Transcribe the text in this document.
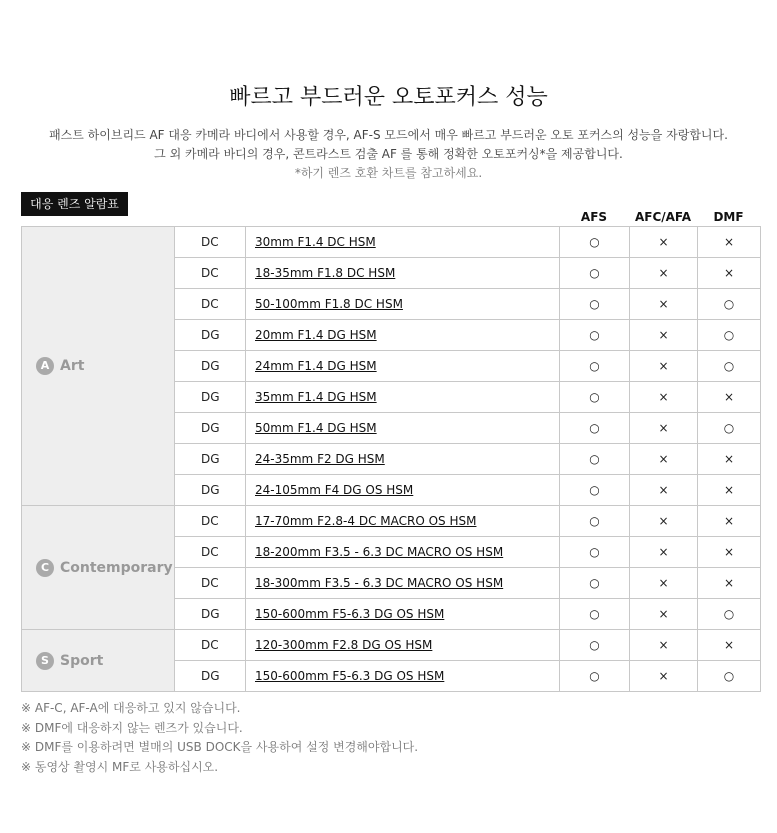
빠르고 부드러운 오토포커스 성능
패스트 하이브리드 AF 대응 카메라 바디에서 사용할 경우, AF-S 모드에서 매우 빠르고 부드러운 오토 포커스의 성능을 자랑합니다.
그 외 카메라 바디의 경우, 콘트라스트 검출 AF 를 통해 정확한 오토포커싱*을 제공합니다.
*하기 렌즈 호환 차트를 참고하세요.
대응 렌즈 알람표
AFS	AFC/AFA	DMF
A Art	DC	30mm F1.4 DC HSM	○	×	×
	DC	18-35mm F1.8 DC HSM	○	×	×
	DC	50-100mm F1.8 DC HSM	○	×	○
	DG	20mm F1.4 DG HSM	○	×	○
	DG	24mm F1.4 DG HSM	○	×	○
	DG	35mm F1.4 DG HSM	○	×	×
	DG	50mm F1.4 DG HSM	○	×	○
	DG	24-35mm F2 DG HSM	○	×	×
	DG	24-105mm F4 DG OS HSM	○	×	×

C Contemporary	DC	17-70mm F2.8-4 DC MACRO OS HSM	○	×	×
	DC	18-200mm F3.5 - 6.3 DC MACRO OS HSM	○	×	×
	DC	18-300mm F3.5 - 6.3 DC MACRO OS HSM	○	×	×
	DG	150-600mm F5-6.3 DG OS HSM	○	×	○

S Sport	DC	120-300mm F2.8 DG OS HSM	○	×	×
	DG	150-600mm F5-6.3 DG OS HSM	○	×	○
※ AF-C, AF-A에 대응하고 있지 않습니다.
※ DMF에 대응하지 않는 렌즈가 있습니다.
※ DMF를 이용하려면 별매의 USB DOCK을 사용하여 설정 변경해야합니다.
※ 동영상 촬영시 MF로 사용하십시오.
